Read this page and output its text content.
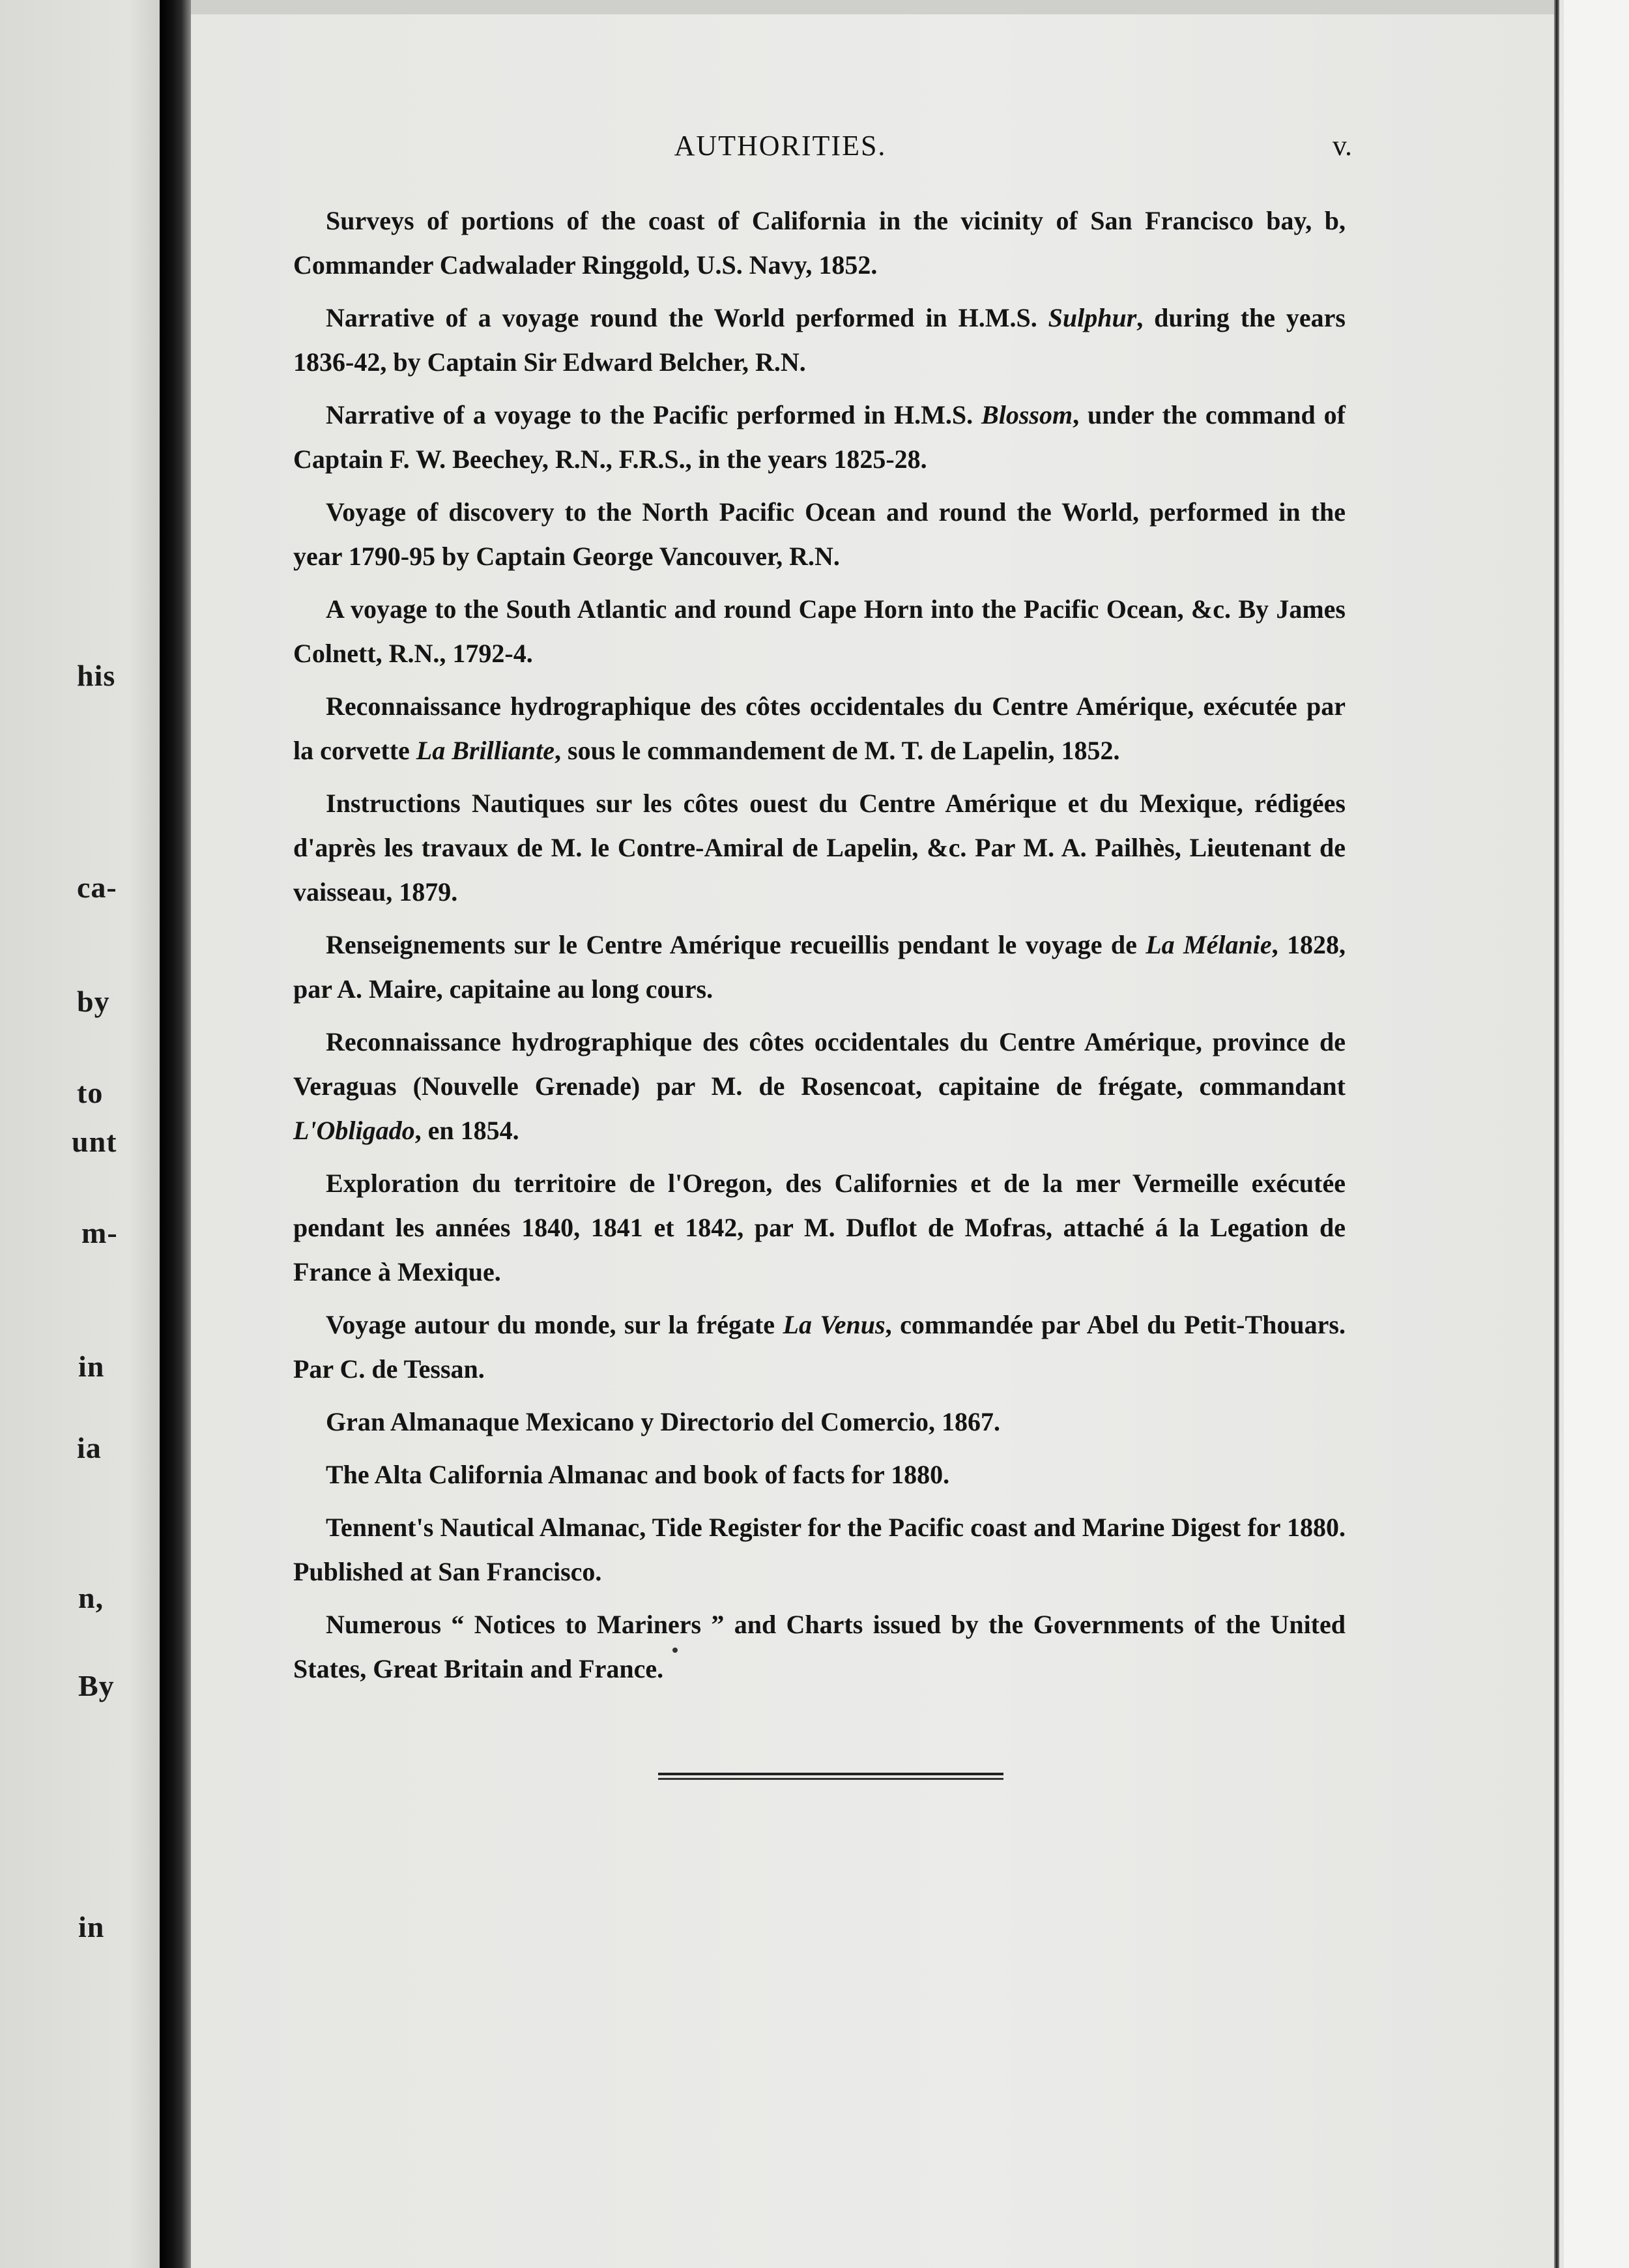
AUTHORITIES.	v.

Surveys of portions of the coast of California in the vicinity of San Francisco bay, b, Commander Cadwalader Ringgold, U.S. Navy, 1852.

Narrative of a voyage round the World performed in H.M.S. Sulphur, during the years 1836-42, by Captain Sir Edward Belcher, R.N.

Narrative of a voyage to the Pacific performed in H.M.S. Blossom, under the command of Captain F. W. Beechey, R.N., F.R.S., in the years 1825-28.

Voyage of discovery to the North Pacific Ocean and round the World, performed in the year 1790-95 by Captain George Vancouver, R.N.

A voyage to the South Atlantic and round Cape Horn into the Pacific Ocean, &c. By James Colnett, R.N., 1792-4.

Reconnaissance hydrographique des côtes occidentales du Centre Amérique, exécutée par la corvette La Brilliante, sous le commandement de M. T. de Lapelin, 1852.

Instructions Nautiques sur les côtes ouest du Centre Amérique et du Mexique, rédigées d'après les travaux de M. le Contre-Amiral de Lapelin, &c. Par M. A. Pailhès, Lieutenant de vaisseau, 1879.

Renseignements sur le Centre Amérique recueillis pendant le voyage de La Mélanie, 1828, par A. Maire, capitaine au long cours.

Reconnaissance hydrographique des côtes occidentales du Centre Amérique, province de Veraguas (Nouvelle Grenade) par M. de Rosencoat, capitaine de frégate, commandant L'Obligado, en 1854.

Exploration du territoire de l'Oregon, des Californies et de la mer Vermeille exécutée pendant les années 1840, 1841 et 1842, par M. Duflot de Mofras, attaché á la Legation de France à Mexique.

Voyage autour du monde, sur la frégate La Venus, commandée par Abel du Petit-Thouars. Par C. de Tessan.

Gran Almanaque Mexicano y Directorio del Comercio, 1867.

The Alta California Almanac and book of facts for 1880.

Tennent's Nautical Almanac, Tide Register for the Pacific coast and Marine Digest for 1880. Published at San Francisco.

Numerous “ Notices to Mariners ” and Charts issued by the Governments of the United States, Great Britain and France.

his
ca-
by
to
unt
m-
in
ia
n,
By
in
